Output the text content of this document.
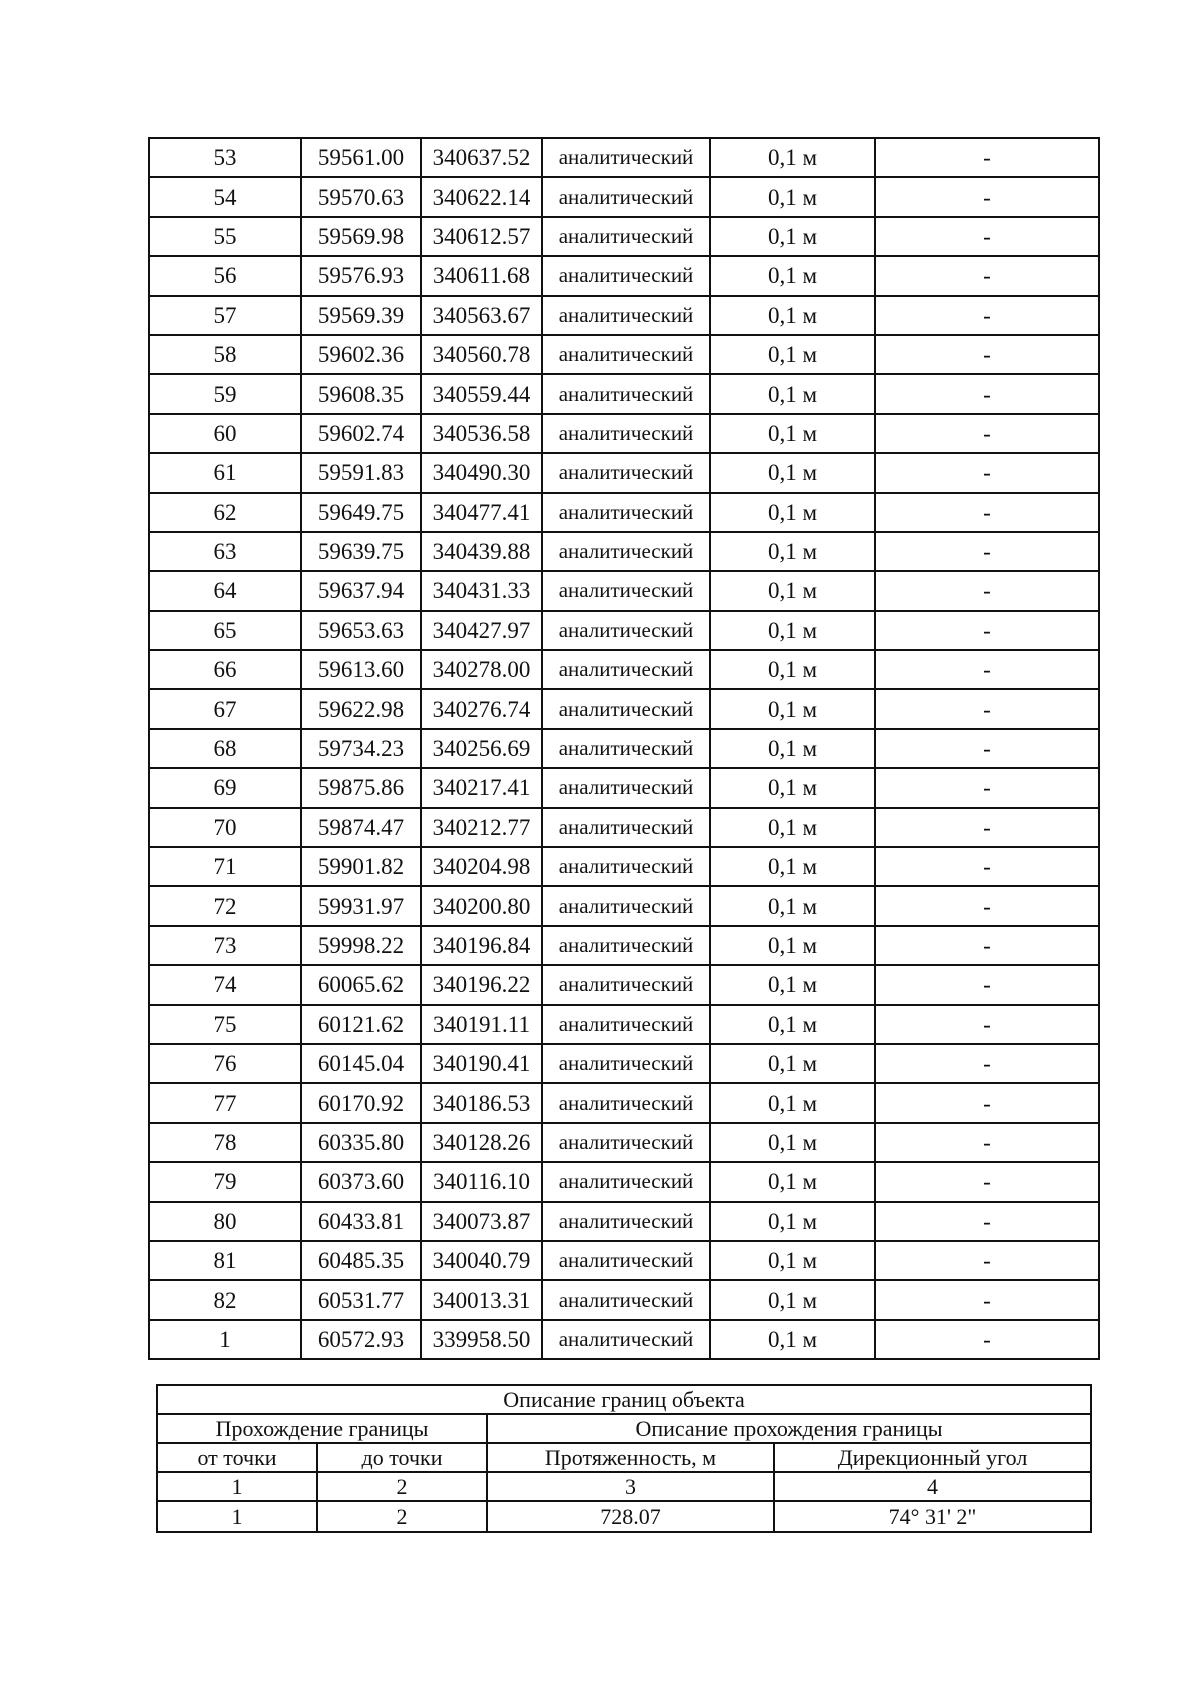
53	59561.00	340637.52	аналитический	0,1 м	-
54	59570.63	340622.14	аналитический	0,1 м	-
55	59569.98	340612.57	аналитический	0,1 м	-
56	59576.93	340611.68	аналитический	0,1 м	-
57	59569.39	340563.67	аналитический	0,1 м	-
58	59602.36	340560.78	аналитический	0,1 м	-
59	59608.35	340559.44	аналитический	0,1 м	-
60	59602.74	340536.58	аналитический	0,1 м	-
61	59591.83	340490.30	аналитический	0,1 м	-
62	59649.75	340477.41	аналитический	0,1 м	-
63	59639.75	340439.88	аналитический	0,1 м	-
64	59637.94	340431.33	аналитический	0,1 м	-
65	59653.63	340427.97	аналитический	0,1 м	-
66	59613.60	340278.00	аналитический	0,1 м	-
67	59622.98	340276.74	аналитический	0,1 м	-
68	59734.23	340256.69	аналитический	0,1 м	-
69	59875.86	340217.41	аналитический	0,1 м	-
70	59874.47	340212.77	аналитический	0,1 м	-
71	59901.82	340204.98	аналитический	0,1 м	-
72	59931.97	340200.80	аналитический	0,1 м	-
73	59998.22	340196.84	аналитический	0,1 м	-
74	60065.62	340196.22	аналитический	0,1 м	-
75	60121.62	340191.11	аналитический	0,1 м	-
76	60145.04	340190.41	аналитический	0,1 м	-
77	60170.92	340186.53	аналитический	0,1 м	-
78	60335.80	340128.26	аналитический	0,1 м	-
79	60373.60	340116.10	аналитический	0,1 м	-
80	60433.81	340073.87	аналитический	0,1 м	-
81	60485.35	340040.79	аналитический	0,1 м	-
82	60531.77	340013.31	аналитический	0,1 м	-
1	60572.93	339958.50	аналитический	0,1 м	-
Описание границ объекта			
Прохождение границы		Описание прохождения границы	
от точки	до точки	Протяженность, м	Дирекционный угол
1	2	3	4
1	2	728.07	74° 31' 2"
